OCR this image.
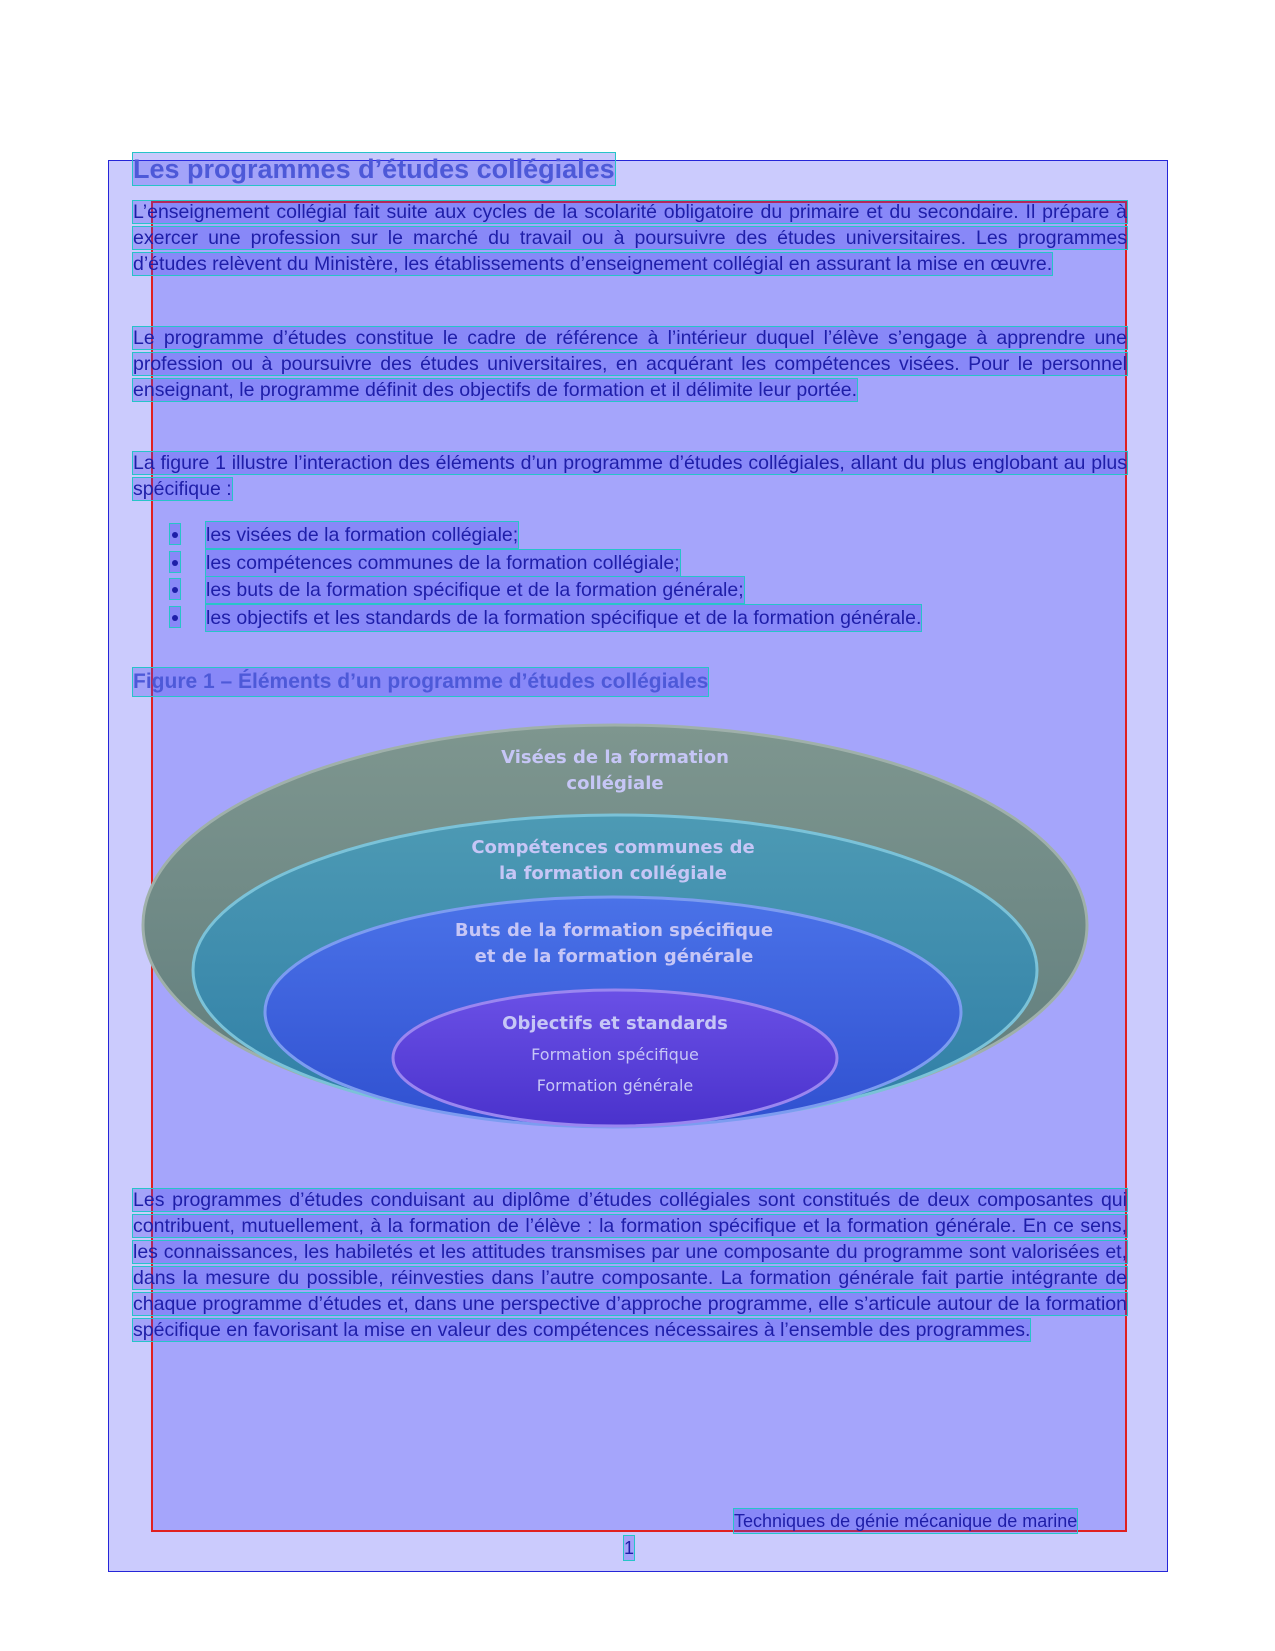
Les programmes d’études collégiales
L’enseignement collégial fait suite aux cycles de la scolarité obligatoire du primaire et du secondaire. Il prépare à exercer une profession sur le marché du travail ou à poursuivre des études universitaires. Les programmes d’études relèvent du Ministère, les établissements d’enseignement collégial en assurant la mise en œuvre.
Le programme d’études constitue le cadre de référence à l’intérieur duquel l’élève s’engage à apprendre une profession ou à poursuivre des études universitaires, en acquérant les compétences visées. Pour le personnel enseignant, le programme définit des objectifs de formation et il délimite leur portée.
La figure 1 illustre l’interaction des éléments d’un programme d’études collégiales, allant du plus englobant au plus spécifique :
les visées de la formation collégiale;
les compétences communes de la formation collégiale;
les buts de la formation spécifique et de la formation générale;
les objectifs et les standards de la formation spécifique et de la formation générale.
Figure 1 – Éléments d’un programme d’études collégiales
Visées de la formation
collégiale
Compétences communes de
la formation collégiale
Buts de la formation spécifique
et de la formation générale
Objectifs et standards
Formation spécifique
Formation générale
Les programmes d’études conduisant au diplôme d’études collégiales sont constitués de deux composantes qui contribuent, mutuellement, à la formation de l’élève : la formation spécifique et la formation générale. En ce sens, les connaissances, les habiletés et les attitudes transmises par une composante du programme sont valorisées et, dans la mesure du possible, réinvesties dans l’autre composante. La formation générale fait partie intégrante de chaque programme d’études et, dans une perspective d’approche programme, elle s’articule autour de la formation spécifique en favorisant la mise en valeur des compétences nécessaires à l’ensemble des programmes.
Techniques de génie mécanique de marine
1
